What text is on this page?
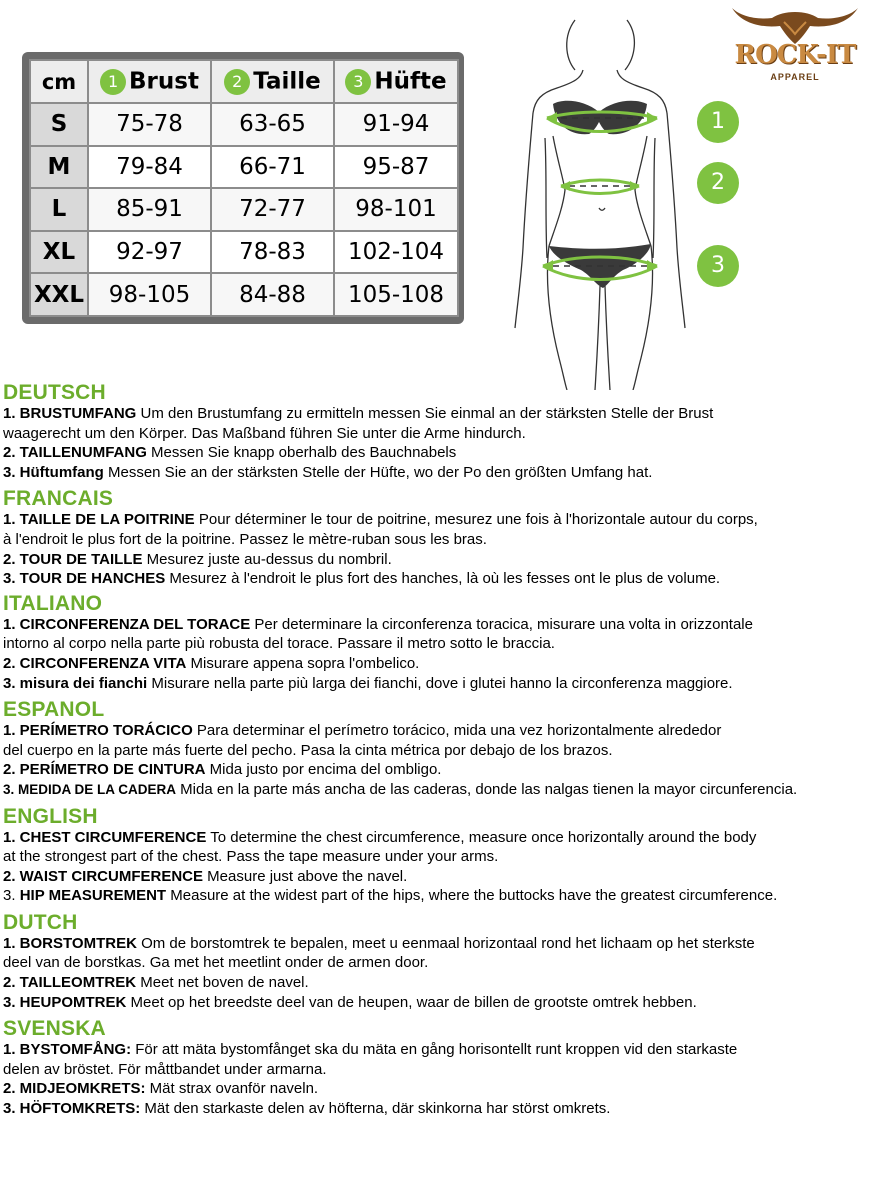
cm	1 Brust	2 Taille	3 Hüfte
S	75-78	63-65	91-94
M	79-84	66-71	95-87
L	85-91	72-77	98-101
XL	92-97	78-83	102-104
XXL	98-105	84-88	105-108
1
2
3
ROCK-IT
APPAREL
DEUTSCH
1. BRUSTUMFANG Um den Brustumfang zu ermitteln messen Sie einmal an der stärksten Stelle der Brust
waagerecht um den Körper. Das Maßband führen Sie unter die Arme hindurch.
2. TAILLENUMFANG Messen Sie knapp oberhalb des Bauchnabels
3. Hüftumfang Messen Sie an der stärksten Stelle der Hüfte, wo der Po den größten Umfang hat.
FRANCAIS
1. TAILLE DE LA POITRINE Pour déterminer le tour de poitrine, mesurez une fois à l'horizontale autour du corps,
à l'endroit le plus fort de la poitrine. Passez le mètre-ruban sous les bras.
2. TOUR DE TAILLE Mesurez juste au-dessus du nombril.
3. TOUR DE HANCHES Mesurez à l'endroit le plus fort des hanches, là où les fesses ont le plus de volume.
ITALIANO
1. CIRCONFERENZA DEL TORACE Per determinare la circonferenza toracica, misurare una volta in orizzontale
intorno al corpo nella parte più robusta del torace. Passare il metro sotto le braccia.
2. CIRCONFERENZA VITA Misurare appena sopra l'ombelico.
3. misura dei fianchi Misurare nella parte più larga dei fianchi, dove i glutei hanno la circonferenza maggiore.
ESPANOL
1. PERÍMETRO TORÁCICO Para determinar el perímetro torácico, mida una vez horizontalmente alrededor
del cuerpo en la parte más fuerte del pecho. Pasa la cinta métrica por debajo de los brazos.
2. PERÍMETRO DE CINTURA Mida justo por encima del ombligo.
3. MEDIDA DE LA CADERA Mida en la parte más ancha de las caderas, donde las nalgas tienen la mayor circunferencia.
ENGLISH
1. CHEST CIRCUMFERENCE To determine the chest circumference, measure once horizontally around the body
at the strongest part of the chest. Pass the tape measure under your arms.
2. WAIST CIRCUMFERENCE Measure just above the navel.
3. HIP MEASUREMENT Measure at the widest part of the hips, where the buttocks have the greatest circumference.
DUTCH
1. BORSTOMTREK Om de borstomtrek te bepalen, meet u eenmaal horizontaal rond het lichaam op het sterkste
deel van de borstkas. Ga met het meetlint onder de armen door.
2. TAILLEOMTREK Meet net boven de navel.
3. HEUPOMTREK Meet op het breedste deel van de heupen, waar de billen de grootste omtrek hebben.
SVENSKA
1. BYSTOMFÅNG: För att mäta bystomfånget ska du mäta en gång horisontellt runt kroppen vid den starkaste
delen av bröstet. För måttbandet under armarna.
2. MIDJEOMKRETS: Mät strax ovanför naveln.
3. HÖFTOMKRETS: Mät den starkaste delen av höfterna, där skinkorna har störst omkrets.
